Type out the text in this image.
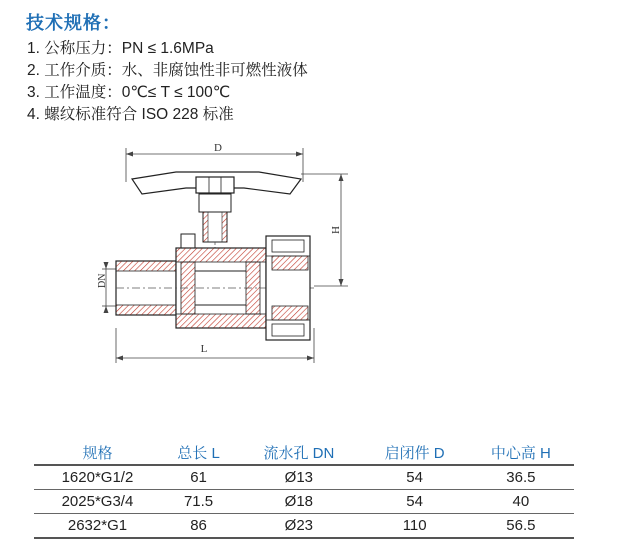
技术规格：
1. 公称压力：PN ≤ 1.6MPa
2. 工作介质：水、非腐蚀性非可燃性液体
3. 工作温度：0℃≤ T ≤ 100℃
4. 螺纹标准符合 ISO 228 标准
D
H
DN
L
规格	总长 L	流水孔 DN	启闭件 D	中心高 H
1620*G1/2	61	Ø13	54	36.5
2025*G3/4	71.5	Ø18	54	40
2632*G1	86	Ø23	110	56.5
